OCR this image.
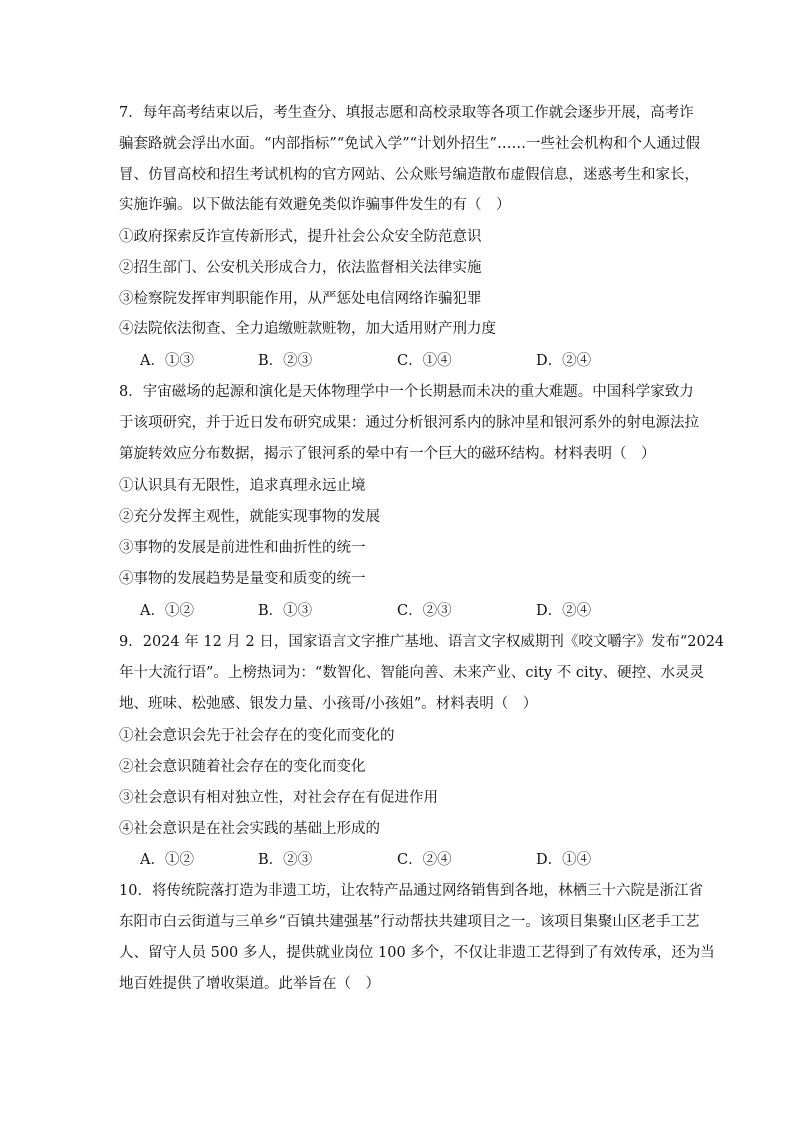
7．每年高考结束以后，考生查分、填报志愿和高校录取等各项工作就会逐步开展，高考诈
骗套路就会浮出水面。“内部指标”“免试入学”“计划外招生”……一些社会机构和个人通过假
冒、仿冒高校和招生考试机构的官方网站、公众账号编造散布虚假信息，迷惑考生和家长，
实施诈骗。以下做法能有效避免类似诈骗事件发生的有（　）
①政府探索反诈宣传新形式，提升社会公众安全防范意识
②招生部门、公安机关形成合力，依法监督相关法律实施
③检察院发挥审判职能作用，从严惩处电信网络诈骗犯罪
④法院依法彻查、全力追缴赃款赃物，加大适用财产刑力度
A．①③	B．②③	C．①④	D．②④
8．宇宙磁场的起源和演化是天体物理学中一个长期悬而未决的重大难题。中国科学家致力
于该项研究，并于近日发布研究成果：通过分析银河系内的脉冲星和银河系外的射电源法拉
第旋转效应分布数据，揭示了银河系的晕中有一个巨大的磁环结构。材料表明（　）
①认识具有无限性，追求真理永远止境
②充分发挥主观性，就能实现事物的发展
③事物的发展是前进性和曲折性的统一
④事物的发展趋势是量变和质变的统一
A．①②	B．①③	C．②③	D．②④
9．2024 年 12 月 2 日，国家语言文字推广基地、语言文字权威期刊《咬文嚼字》发布“2024
年十大流行语”。上榜热词为：“数智化、智能向善、未来产业、city 不 city、硬控、水灵灵
地、班味、松弛感、银发力量、小孩哥/小孩姐”。材料表明（　）
①社会意识会先于社会存在的变化而变化的
②社会意识随着社会存在的变化而变化
③社会意识有相对独立性，对社会存在有促进作用
④社会意识是在社会实践的基础上形成的
A．①②	B．②③	C．②④	D．①④
10．将传统院落打造为非遗工坊，让农特产品通过网络销售到各地，林栖三十六院是浙江省
东阳市白云街道与三单乡“百镇共建强基”行动帮扶共建项目之一。该项目集聚山区老手工艺
人、留守人员 500 多人，提供就业岗位 100 多个，不仅让非遗工艺得到了有效传承，还为当
地百姓提供了增收渠道。此举旨在（　）
